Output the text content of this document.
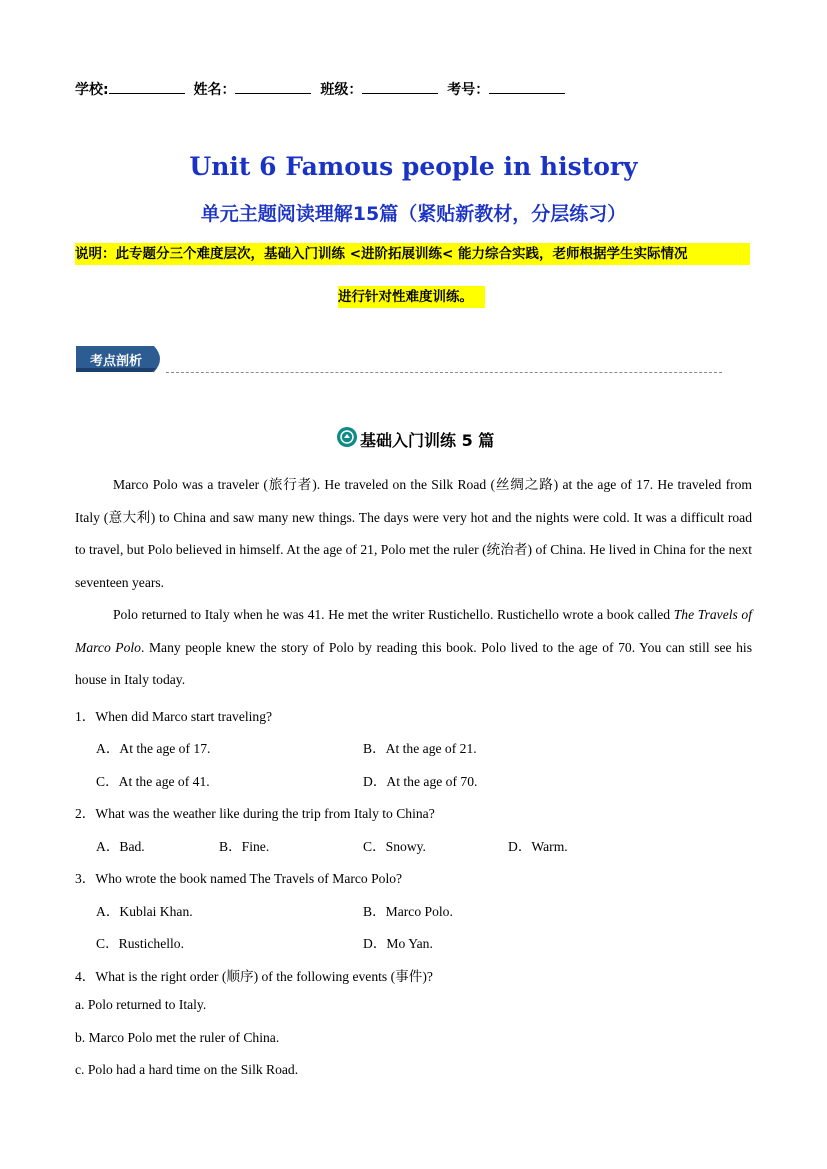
学校:	姓名：	班级：	考号：
Unit 6 Famous people in history
单元主题阅读理解15篇（紧贴新教材，分层练习）
说明：此专题分三个难度层次，基础入门训练 <进阶拓展训练< 能力综合实践，老师根据学生实际情况
进行针对性难度训练。
考点剖析
基础入门训练 5 篇
Marco Polo was a traveler (旅行者). He traveled on the Silk Road (丝绸之路) at the age of 17. He traveled from Italy (意大利) to China and saw many new things. The days were very hot and the nights were cold. It was a difficult road to travel, but Polo believed in himself. At the age of 21, Polo met the ruler (统治者) of China. He lived in China for the next seventeen years.
Polo returned to Italy when he was 41. He met the writer Rustichello. Rustichello wrote a book called The Travels of Marco Polo. Many people knew the story of Polo by reading this book. Polo lived to the age of 70. You can still see his house in Italy today.
1．When did Marco start traveling?
A．At the age of 17.	B．At the age of 21.
C．At the age of 41.	D．At the age of 70.
2．What was the weather like during the trip from Italy to China?
A．Bad.	B．Fine.	C．Snowy.	D．Warm.
3．Who wrote the book named The Travels of Marco Polo?
A．Kublai Khan.	B．Marco Polo.
C．Rustichello.	D．Mo Yan.
4．What is the right order (顺序) of the following events (事件)?
a. Polo returned to Italy.
b. Marco Polo met the ruler of China.
c. Polo had a hard time on the Silk Road.
